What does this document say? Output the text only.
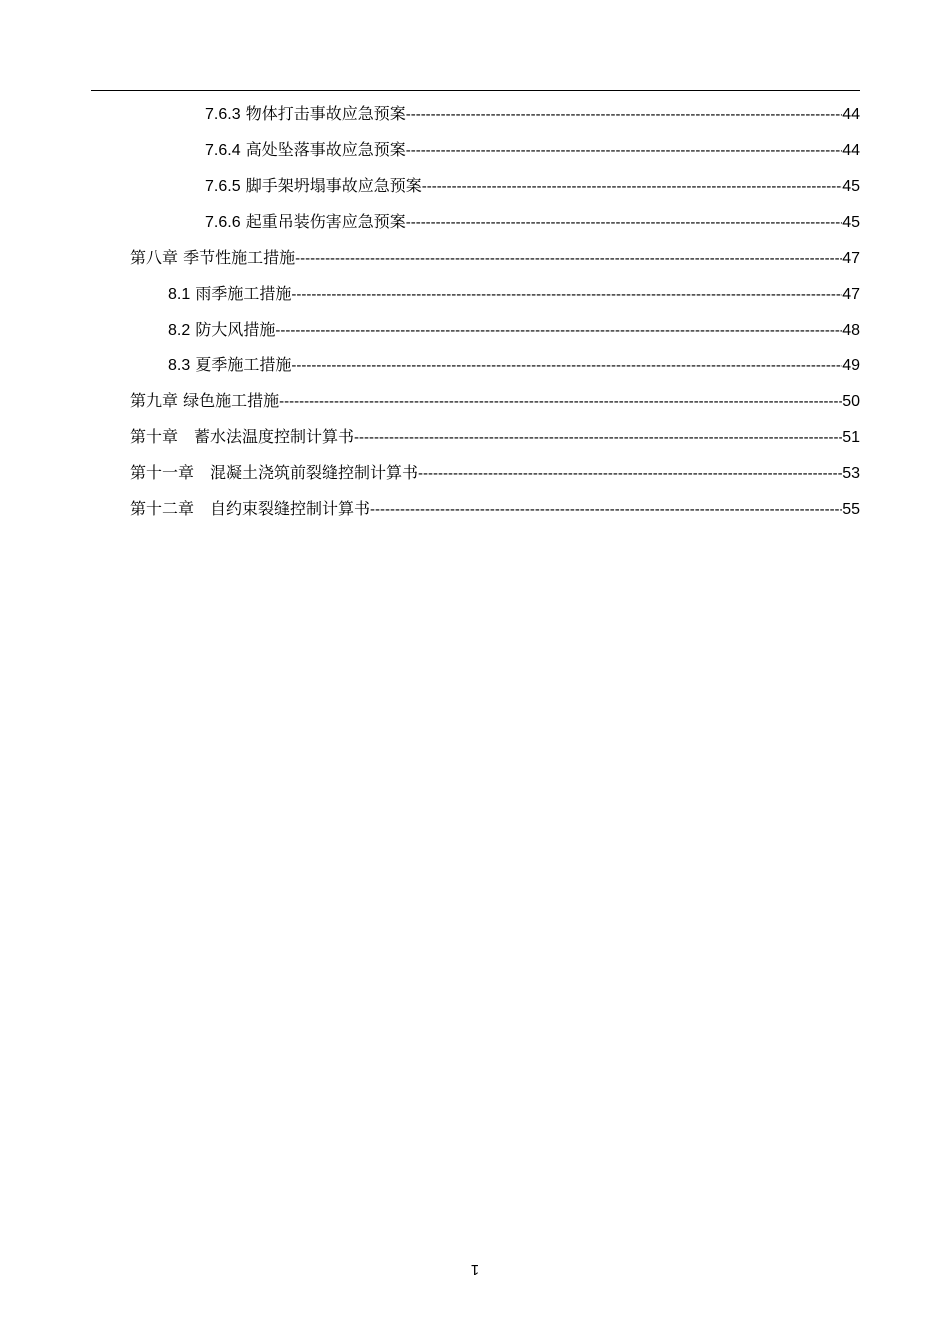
7.6.3 物体打击事故应急预案 -----	44
7.6.4 高处坠落事故应急预案 -----	44
7.6.5 脚手架坍塌事故应急预案 -----	45
7.6.6 起重吊装伤害应急预案 -----	45
第八章 季节性施工措施 -----	47
8.1 雨季施工措施 -----	47
8.2 防大风措施 -----	48
8.3 夏季施工措施 -----	49
第九章 绿色施工措施 -----	50
第十章　蓄水法温度控制计算书 -----	51
第十一章　混凝土浇筑前裂缝控制计算书 -----	53
第十二章　自约束裂缝控制计算书 -----	55
1
